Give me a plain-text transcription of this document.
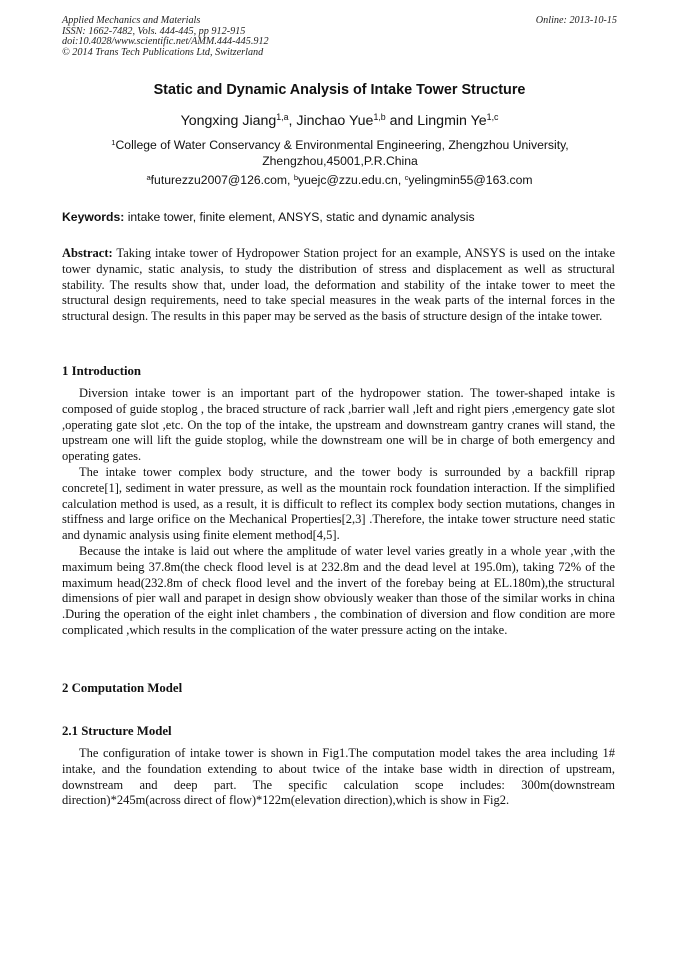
Applied Mechanics and Materials
ISSN: 1662-7482, Vols. 444-445, pp 912-915
doi:10.4028/www.scientific.net/AMM.444-445.912
© 2014 Trans Tech Publications Ltd, Switzerland
Online: 2013-10-15
Static and Dynamic Analysis of Intake Tower Structure
Yongxing Jiang$^{1,a}$, Jinchao Yue$^{1,b}$ and Lingmin Ye$^{1,c}$
$^1$College of Water Conservancy & Environmental Engineering, Zhengzhou University, Zhengzhou,45001,P.R.China
$^a$futurezzu2007@126.com, $^b$yuejc@zzu.edu.cn, $^c$yelingmin55@163.com
Keywords: intake tower, finite element, ANSYS, static and dynamic analysis
Abstract: Taking intake tower of Hydropower Station project for an example, ANSYS is used on the intake tower dynamic, static analysis, to study the distribution of stress and displacement as well as structural stability. The results show that, under load, the deformation and stability of the intake tower to meet the structural design requirements, need to take special measures in the weak parts of the internal forces in the structural design. The results in this paper may be served as the basis of structure design of the intake tower.
1 Introduction

Diversion intake tower is an important part of the hydropower station. The tower-shaped intake is composed of guide stoplog , the braced structure of rack ,barrier wall ,left and right piers ,emergency gate slot ,operating gate slot ,etc. On the top of the intake, the upstream and downstream gantry cranes will stand, the upstream one will lift the guide stoplog, while the downstream one will be in charge of both emergency and operating gates.

The intake tower complex body structure, and the tower body is surrounded by a backfill riprap concrete[1], sediment in water pressure, as well as the mountain rock foundation interaction. If the simplified calculation method is used, as a result, it is difficult to reflect its complex body section mutations, changes in stiffness and large orifice on the Mechanical Properties[2,3] .Therefore, the intake tower structure need static and dynamic analysis using finite element method[4,5].

Because the intake is laid out where the amplitude of water level varies greatly in a whole year ,with the maximum being 37.8m(the check flood level is at 232.8m and the dead level at 195.0m), taking 72% of the maximum head(232.8m of check flood level and the invert of the forebay being at EL.180m),the structural dimensions of pier wall and parapet in design show obviously weaker than those of the similar works in china .During the operation of the eight inlet chambers , the combination of diversion and flow condition are more complicated ,which results in the complication of the water pressure acting on the intake.

2 Computation Model
2.1 Structure Model

The configuration of intake tower is shown in Fig1.The computation model takes the area including 1# intake, and the foundation extending to about twice of the intake base width in direction of upstream, downstream and deep part. The specific calculation scope includes: 300m(downstream direction)*245m(across direct of flow)*122m(elevation direction),which is show in Fig2.
